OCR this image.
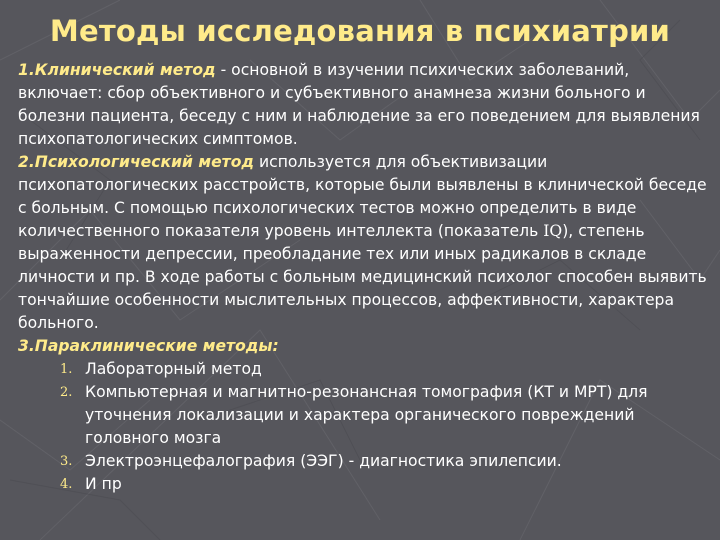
Методы исследования в психиатрии

1.Клинический метод - основной в изучении психических заболеваний, включает: сбор объективного и субъективного анамнеза жизни больного и болезни пациента, беседу с ним и наблюдение за его поведением для выявления психопатологических симптомов.

2.Психологический метод используется для объективизации психопатологических расстройств, которые были выявлены в клинической беседе с больным. С помощью психологических тестов можно определить в виде количественного показателя уровень интеллекта (показатель IQ), степень выраженности депрессии, преобладание тех или иных радикалов в складе личности и пр. В ходе работы с больным медицинский психолог способен выявить тончайшие особенности мыслительных процессов, аффективности, характера больного.

3.Параклинические методы:

1. Лабораторный метод
2. Компьютерная и магнитно-резонансная томография (КТ и МРТ) для уточнения локализации и характера органического повреждений головного мозга
3. Электроэнцефалография (ЭЭГ) - диагностика эпилепсии.
4. И пр
